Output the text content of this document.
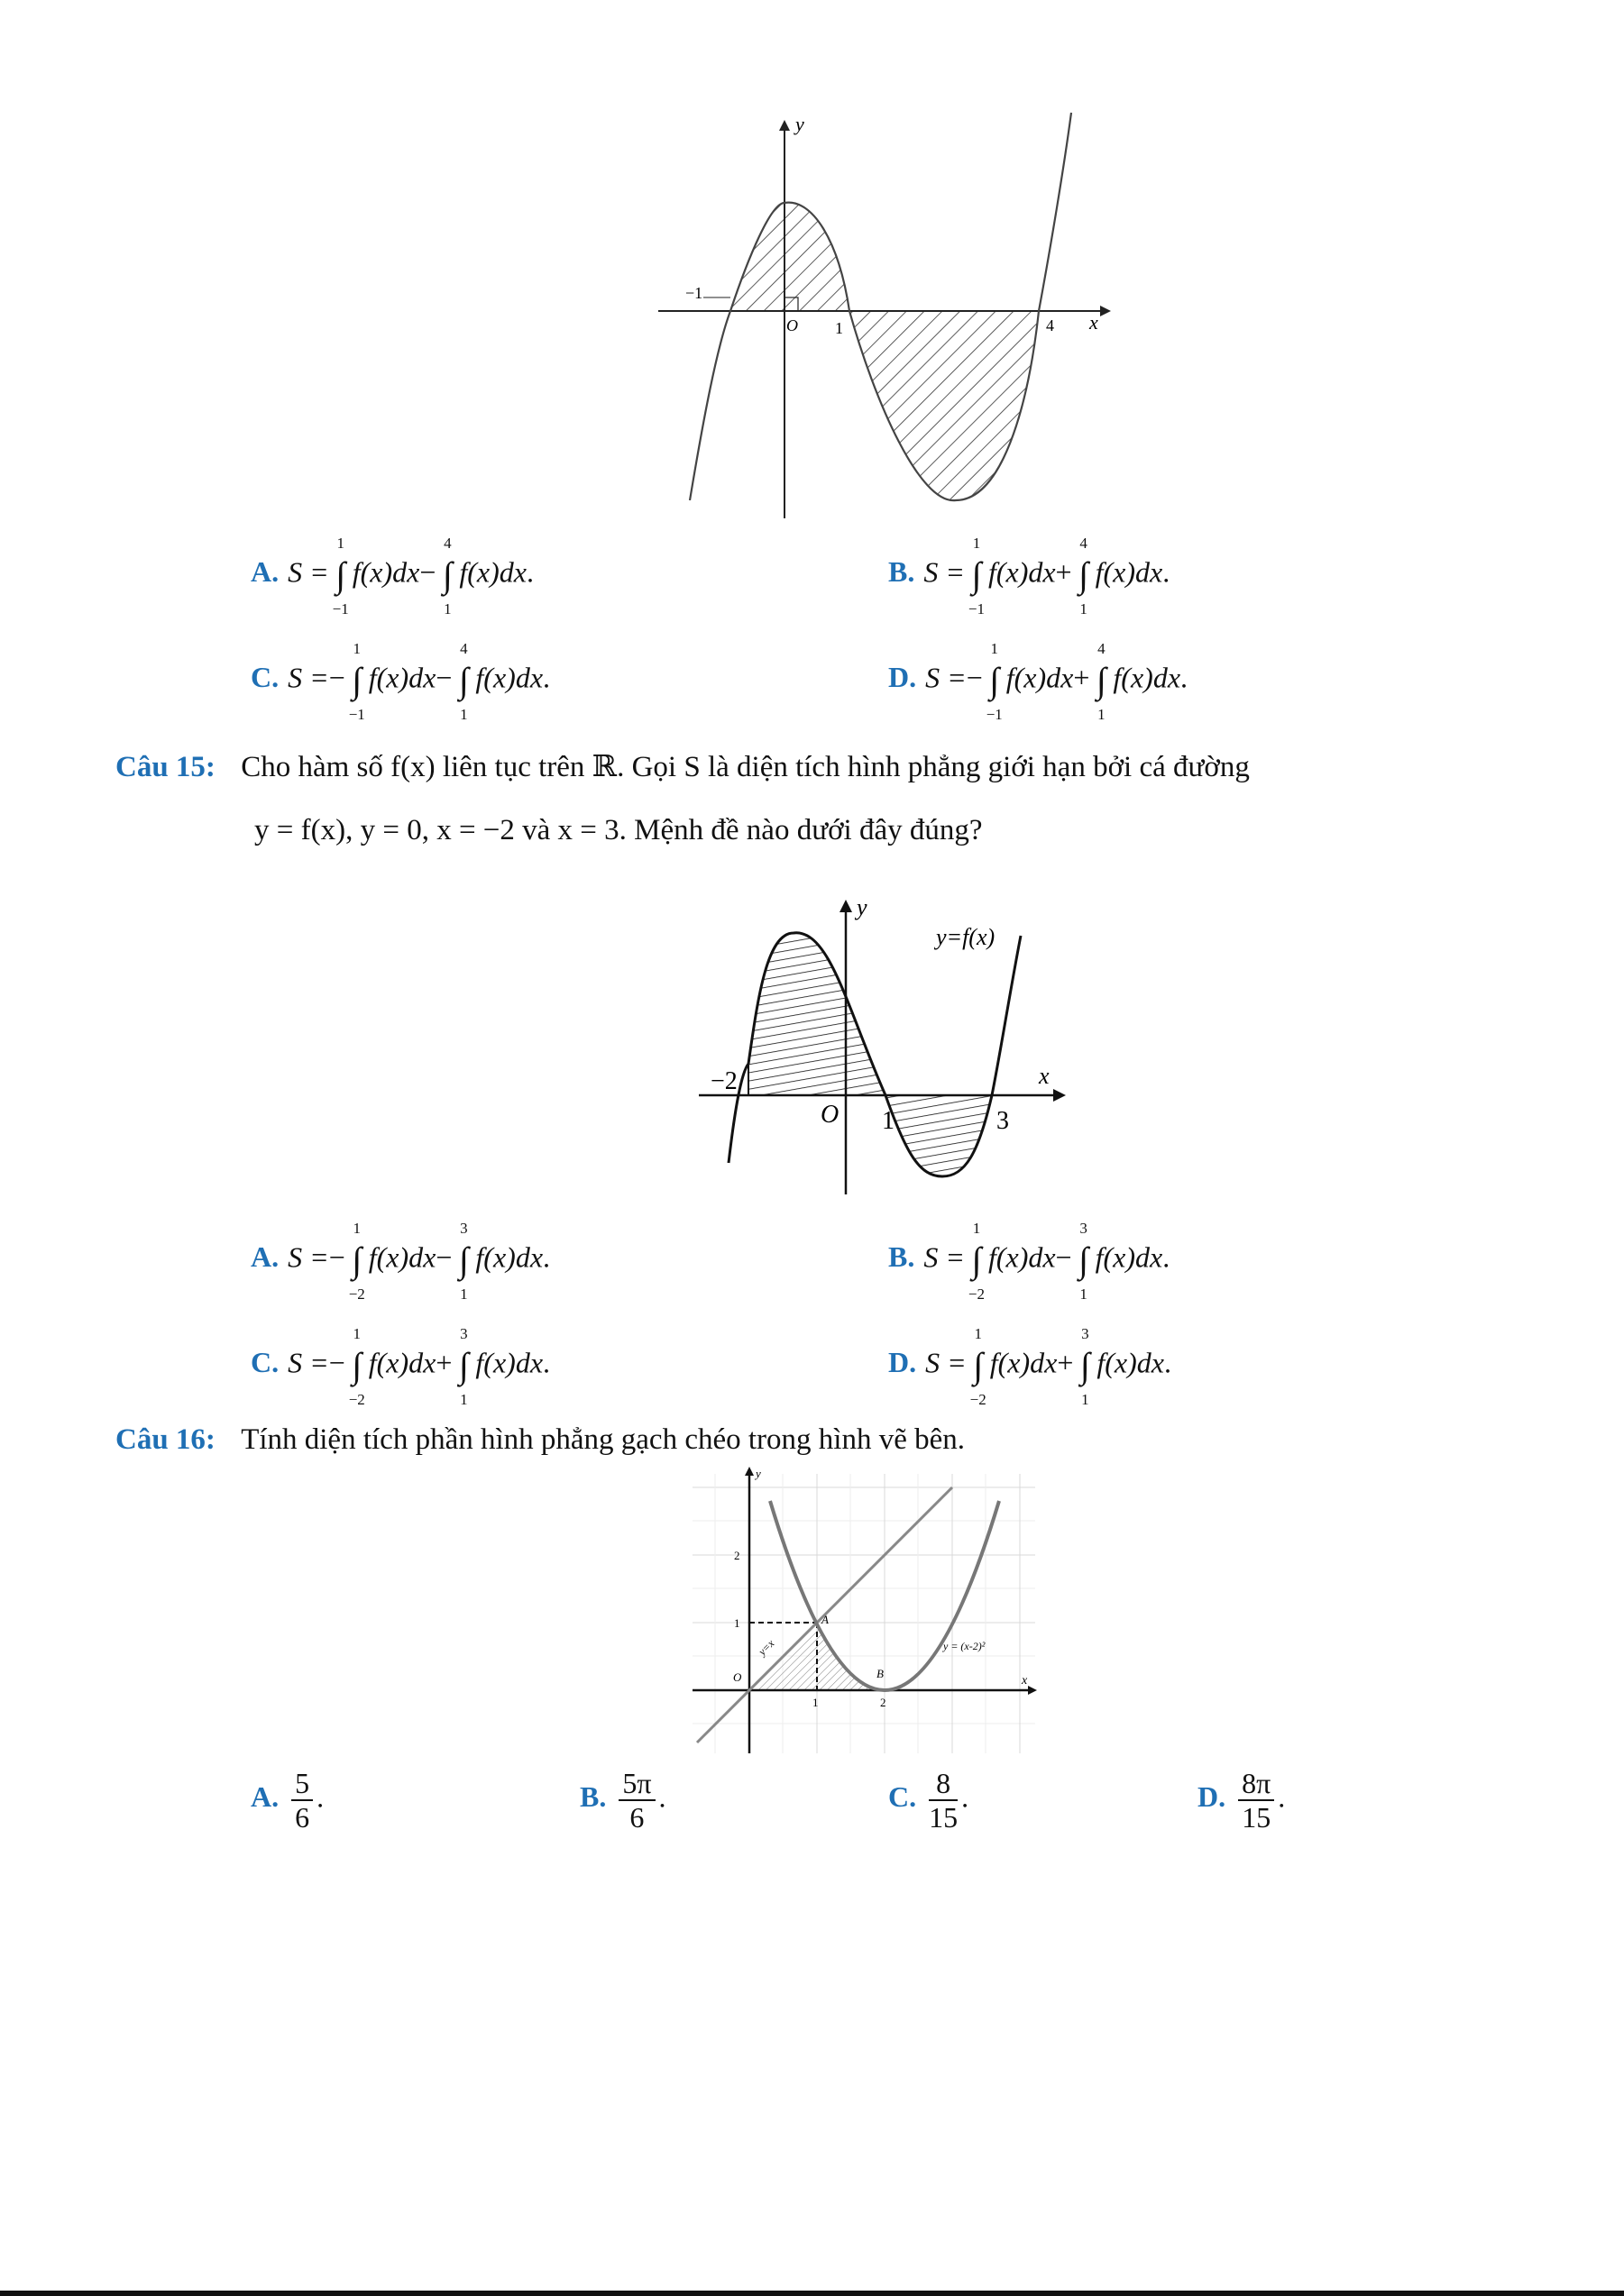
y
x
−1
O 1	4
A. S = ∫
1
−1
f(x)dx− ∫
4
1
f(x)dx.	B. S = ∫
1
−1
f(x)dx+ ∫
4
1
f(x)dx.
C. S =− ∫
1
−1
f(x)dx− ∫
4
1
f(x)dx.	D. S =− ∫
1
−1
f(x)dx+ ∫
4
1
f(x)dx.
Câu 15: Cho hàm số f(x) liên tục trên ℝ. Gọi S là diện tích hình phẳng giới hạn bởi cá đường
y = f(x), y = 0, x = −2 và x = 3. Mệnh đề nào dưới đây đúng?
y
y=f(x)
x
−2
O 1	3
A. S =− ∫
1
−2
f(x)dx− ∫
3
1
f(x)dx.	B. S = ∫
1
−2
f(x)dx− ∫
3
1
f(x)dx.
C. S =− ∫
1
−2
f(x)dx+ ∫
3
1
f(x)dx.	D. S = ∫
1
−2
f(x)dx+ ∫
3
1
f(x)dx.
Câu 16: Tính diện tích phần hình phẳng gạch chéo trong hình vẽ bên.
y
x
2
1
O
1	2
A
B
y=x	y = (x-2)²
A. $\frac{5}{6}$ .	B. $\frac{5\pi}{6}$ .	C. $\frac{8}{15}$ .	D. $\frac{8\pi}{15}$ .
